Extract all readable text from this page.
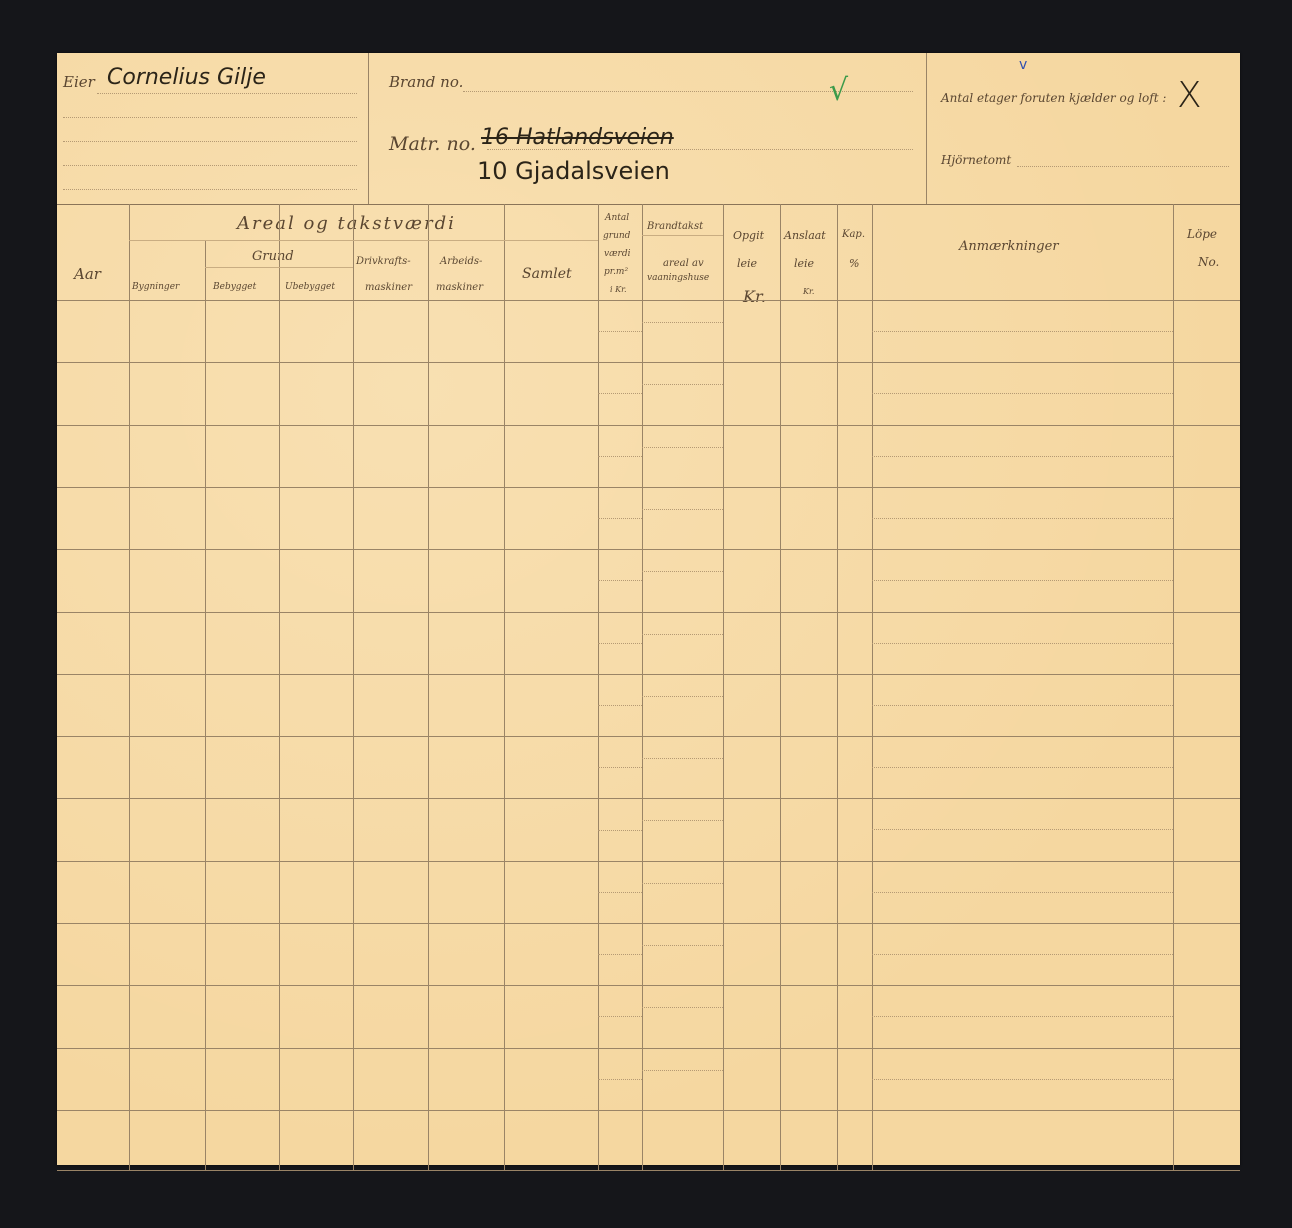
Eier Cornelius Gilje	Brand no.	√
Matr. no. 16 Hatlandsveien
10 Gjadalsveien
v
Antal etager foruten kjælder og loft : X
Hjörnetomt
Aar
Areal og takstværdi
Bygninger
Grund
Bebygget	Ubebygget
Drivkrafts-
maskiner
Arbeids-
maskiner
Samlet
Antal
grund
værdi
pr.m²
i Kr.
Brandtakst
areal av
vaaningshuse
Opgit
leie
Kr.
Anslaat
leie
Kr.
Kap.
%
Anmærkninger
Löpe
No.
